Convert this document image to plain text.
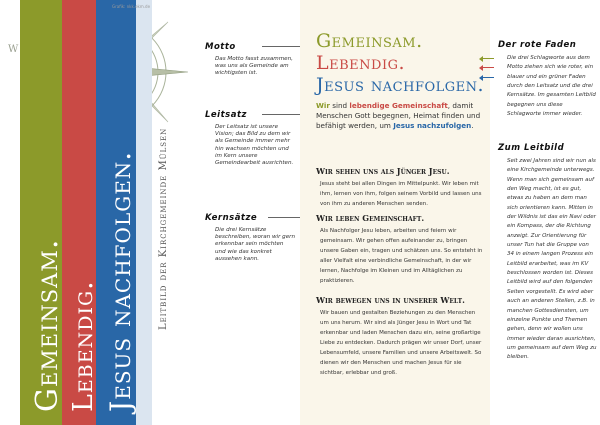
W
Gemeinsam. Lebendig. Jesus nachfolgen. Leitbild der Kirchgemeinde Mülsen
Grafik: nkk.ekm.de
Motto
Das Motto fasst zusammen, was uns als Gemeinde am wichtigsten ist.
Leitsatz
Der Leitsatz ist unsere Vision; das Bild zu dem wir als Gemeinde immer mehr hin wachsen möchten und im Kern unsere Gemeindearbeit ausrichten.
Kernsätze
Die drei Kernsätze beschreiben, woran wir gern erkennbar sein möchten und wie das konkret aussehen kann.
Gemeinsam.
Lebendig.
Jesus nachfolgen.
Wir sind lebendige Gemeinschaft, damit Menschen Gott begegnen, Heimat finden und befähigt werden, um Jesus nachzufolgen.
Wir sehen uns als Jünger Jesu.
Jesus steht bei allen Dingen im Mittelpunkt. Wir leben mit ihm, lernen von ihm, folgen seinem Vorbild und lassen uns von ihm zu anderen Menschen senden.
Wir leben Gemeinschaft.
Als Nachfolger Jesu leben, arbeiten und feiern wir gemeinsam. Wir gehen offen aufeinander zu, bringen unsere Gaben ein, tragen und schätzen uns. So entsteht in aller Vielfalt eine verbindliche Gemeinschaft, in der wir lernen, Nachfolge im Kleinen und im Alltäglichen zu praktizieren.
Wir bewegen uns in unserer Welt.
Wir bauen und gestalten Beziehungen zu den Menschen um uns herum. Wir sind als Jünger Jesu in Wort und Tat erkennbar und laden Menschen dazu ein, seine großartige Liebe zu entdecken. Dadurch prägen wir unser Dorf, unser Lebensumfeld, unsere Familien und unsere Arbeitswelt. So dienen wir den Menschen und machen Jesus für sie sichtbar, erlebbar und groß.
Der rote Faden
Die drei Schlagworte aus dem Motto ziehen sich wie roter, ein blauer und ein grüner Faden durch den Leitsatz und die drei Kernsätze. Im gesamten Leitbild begegnen uns diese Schlagworte immer wieder.
Zum Leitbild
Seit zwei Jahren sind wir nun als eine Kirchgemeinde unterwegs. Wenn man sich gemeinsam auf den Weg macht, ist es gut, etwas zu haben an dem man sich orientieren kann. Mitten in der Wildnis ist das ein Navi oder ein Kompass, der die Richtung anzeigt. Zur Orientierung für unser Tun hat die Gruppe von 34 in einem langen Prozess ein Leitbild erarbeitet, was im KV beschlossen worden ist. Dieses Leitbild wird auf den folgenden Seiten vorgestellt. Es wird aber auch an anderen Stellen, z.B. in manchen Gottesdiensten, um einzelne Punkte und Themen gehen, denn wir wollen uns immer wieder daran ausrichten, um gemeinsam auf dem Weg zu bleiben.
